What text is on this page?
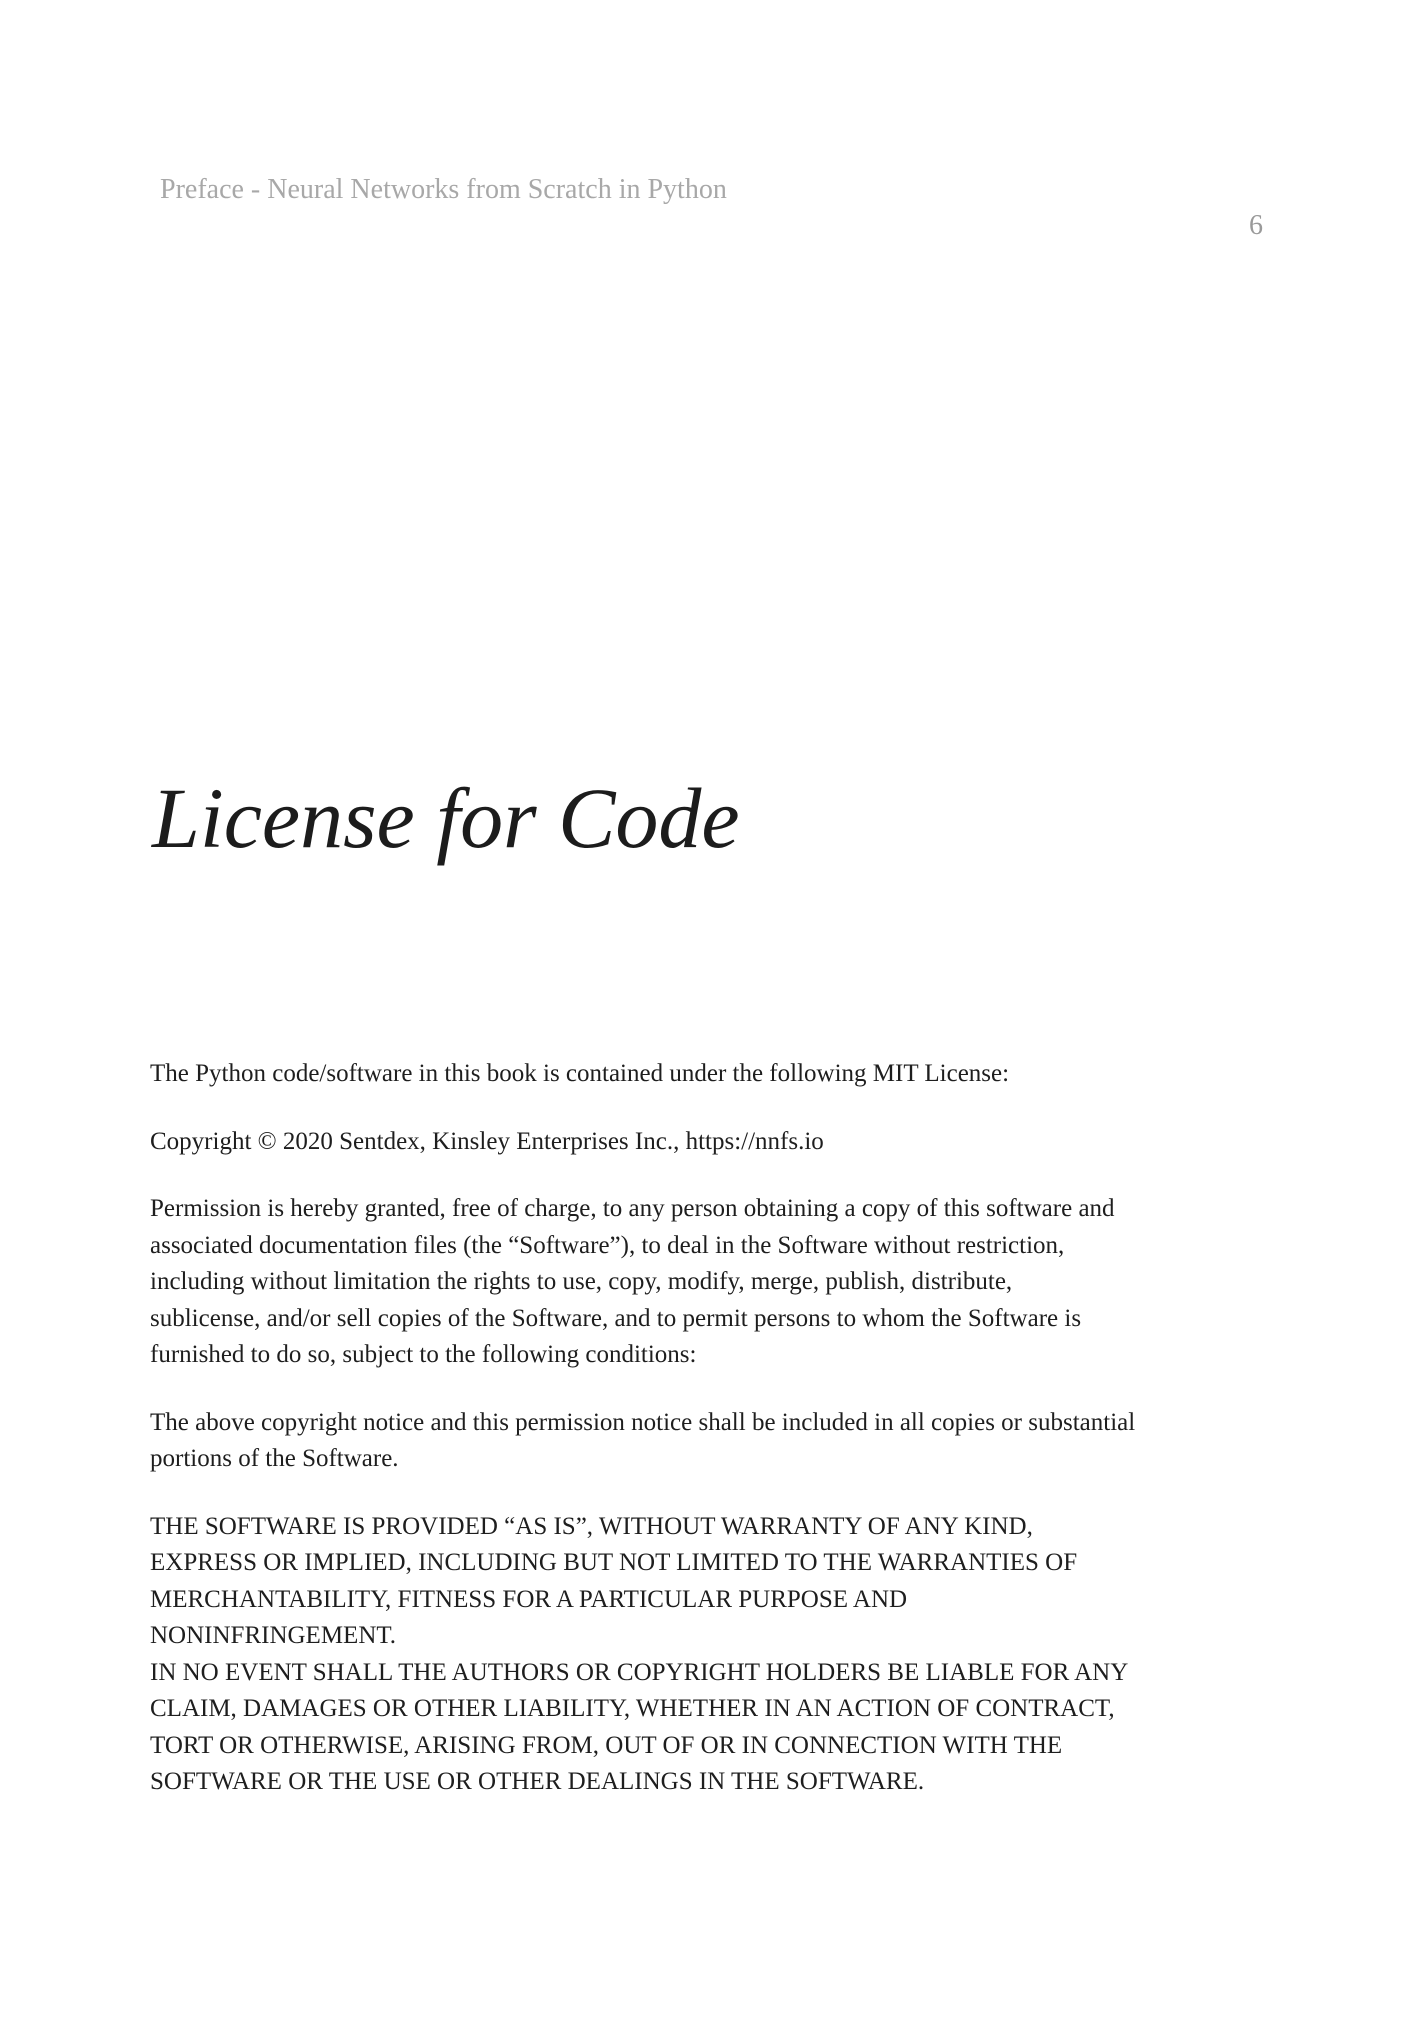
Preface - Neural Networks from Scratch in Python
6
License for Code

The Python code/software in this book is contained under the following MIT License:

Copyright © 2020 Sentdex, Kinsley Enterprises Inc., https://nnfs.io

Permission is hereby granted, free of charge, to any person obtaining a copy of this software and
associated documentation files (the “Software”), to deal in the Software without restriction,
including without limitation the rights to use, copy, modify, merge, publish, distribute,
sublicense, and/or sell copies of the Software, and to permit persons to whom the Software is
furnished to do so, subject to the following conditions:

The above copyright notice and this permission notice shall be included in all copies or substantial
portions of the Software.

THE SOFTWARE IS PROVIDED “AS IS”, WITHOUT WARRANTY OF ANY KIND,
EXPRESS OR IMPLIED, INCLUDING BUT NOT LIMITED TO THE WARRANTIES OF
MERCHANTABILITY, FITNESS FOR A PARTICULAR PURPOSE AND
NONINFRINGEMENT.
IN NO EVENT SHALL THE AUTHORS OR COPYRIGHT HOLDERS BE LIABLE FOR ANY
CLAIM, DAMAGES OR OTHER LIABILITY, WHETHER IN AN ACTION OF CONTRACT,
TORT OR OTHERWISE, ARISING FROM, OUT OF OR IN CONNECTION WITH THE
SOFTWARE OR THE USE OR OTHER DEALINGS IN THE SOFTWARE.
